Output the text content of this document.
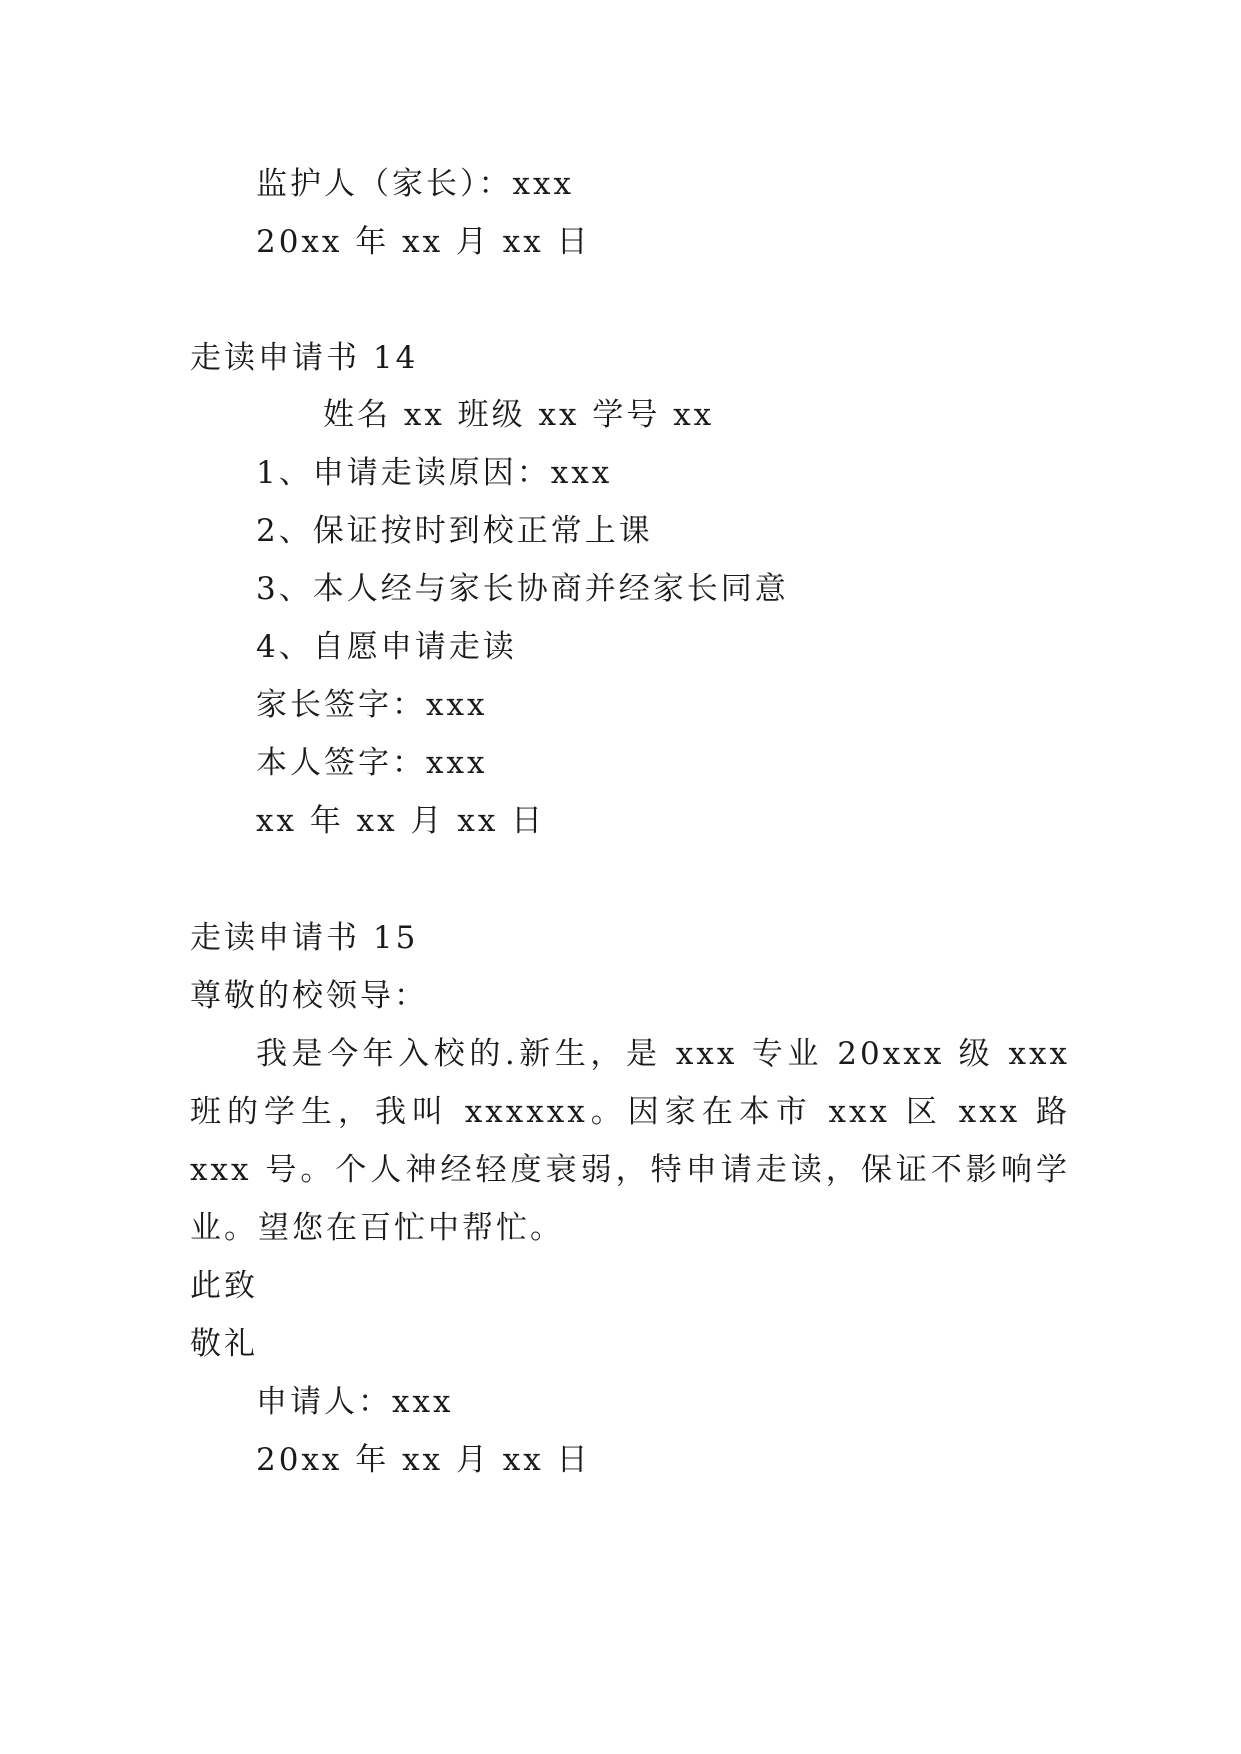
监护人（家长）：xxx
20xx 年 xx 月 xx 日
走读申请书 14
姓名 xx 班级 xx 学号 xx
1、申请走读原因：xxx
2、保证按时到校正常上课
3、本人经与家长协商并经家长同意
4、自愿申请走读
家长签字：xxx
本人签字：xxx
xx 年 xx 月 xx 日
走读申请书 15
尊敬的校领导：
我是今年入校的.新生，是 xxx 专业 20xxx 级 xxx 班的学生，我叫 xxxxxx。因家在本市 xxx 区 xxx 路 xxx 号。个人神经轻度衰弱，特申请走读，保证不影响学业。望您在百忙中帮忙。
此致
敬礼
申请人：xxx
20xx 年 xx 月 xx 日
